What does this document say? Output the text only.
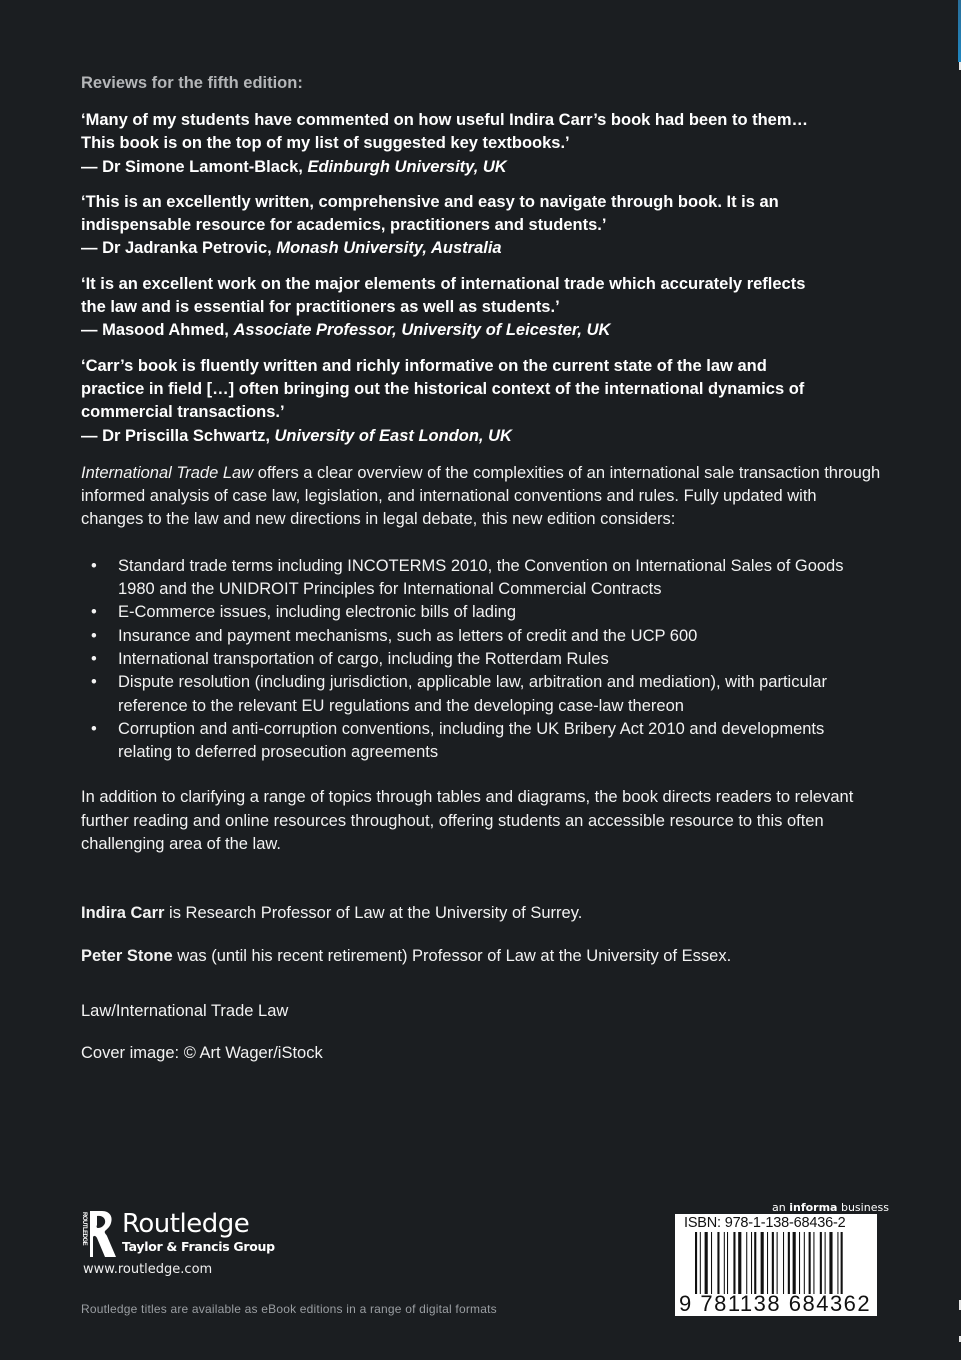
Reviews for the fifth edition:
‘Many of my students have commented on how useful Indira Carr’s book had been to them…
This book is on the top of my list of suggested key textbooks.’
— Dr Simone Lamont-Black, Edinburgh University, UK
‘This is an excellently written, comprehensive and easy to navigate through book. It is an
indispensable resource for academics, practitioners and students.’
— Dr Jadranka Petrovic, Monash University, Australia
‘It is an excellent work on the major elements of international trade which accurately reflects
the law and is essential for practitioners as well as students.’
— Masood Ahmed, Associate Professor, University of Leicester, UK
‘Carr’s book is fluently written and richly informative on the current state of the law and
practice in field […] often bringing out the historical context of the international dynamics of
commercial transactions.’
— Dr Priscilla Schwartz, University of East London, UK

International Trade Law offers a clear overview of the complexities of an international sale transaction through informed analysis of case law, legislation, and international conventions and rules. Fully updated with changes to the law and new directions in legal debate, this new edition considers:

• Standard trade terms including INCOTERMS 2010, the Convention on International Sales of Goods 1980 and the UNIDROIT Principles for International Commercial Contracts
• E-Commerce issues, including electronic bills of lading
• Insurance and payment mechanisms, such as letters of credit and the UCP 600
• International transportation of cargo, including the Rotterdam Rules
• Dispute resolution (including jurisdiction, applicable law, arbitration and mediation), with particular reference to the relevant EU regulations and the developing case-law thereon
• Corruption and anti-corruption conventions, including the UK Bribery Act 2010 and developments relating to deferred prosecution agreements

In addition to clarifying a range of topics through tables and diagrams, the book directs readers to relevant further reading and online resources throughout, offering students an accessible resource to this often challenging area of the law.

Indira Carr is Research Professor of Law at the University of Surrey.

Peter Stone was (until his recent retirement) Professor of Law at the University of Essex.

Law/International Trade Law
Cover image: © Art Wager/iStock
ROUTLEDGE Routledge
Taylor & Francis Group
www.routledge.com
Routledge titles are available as eBook editions in a range of digital formats
an informa business
ISBN: 978-1-138-68436-2
9 781138 684362
